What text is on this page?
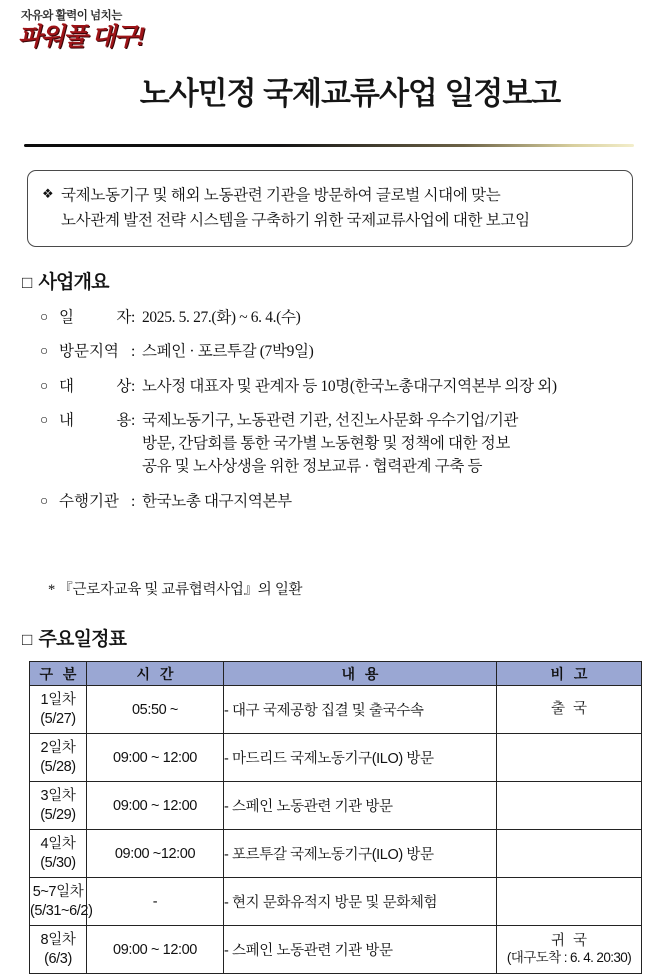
자유와 활력이 넘치는
파워풀 대구!
노사민정 국제교류사업 일정보고
❖ 국제노동기구 및 해외 노동관련 기관을 방문하여 글로벌 시대에 맞는
노사관계 발전 전략 시스템을 구축하기 위한 국제교류사업에 대한 보고임
□ 사업개요
○ 일	자 : 2025. 5. 27.(화) ~ 6. 4.(수)
○ 방문지역 : 스페인 · 포르투갈 (7박9일)
○ 대	상 : 노사정 대표자 및 관계자 등 10명(한국노총대구지역본부 의장 외)
○ 내	용 : 국제노동기구, 노동관련 기관, 선진노사문화 우수기업/기관
방문, 간담회를 통한 국가별 노동현황 및 정책에 대한 정보
공유 및 노사상생을 위한 정보교류 · 협력관계 구축 등
○ 수행기관 : 한국노총 대구지역본부
* 『근로자교육 및 교류협력사업』의 일환
□ 주요일정표
구 분	시 간	내 용	비 고
1일차
(5/27)	05:50 ~	- 대구 국제공항 집결 및 출국수속	출 국

2일차
(5/28)	09:00 ~ 12:00	- 마드리드 국제노동기구(ILO) 방문	

3일차
(5/29)	09:00 ~ 12:00	- 스페인 노동관련 기관 방문	

4일차
(5/30)	09:00 ~12:00	- 포르투갈 국제노동기구(ILO) 방문	

5~7일차
(5/31~6/2)	-	- 현지 문화유적지 방문 및 문화체험	

8일차
(6/3)	09:00 ~ 12:00	- 스페인 노동관련 기관 방문	귀 국
(대구도착 : 6. 4. 20:30)
